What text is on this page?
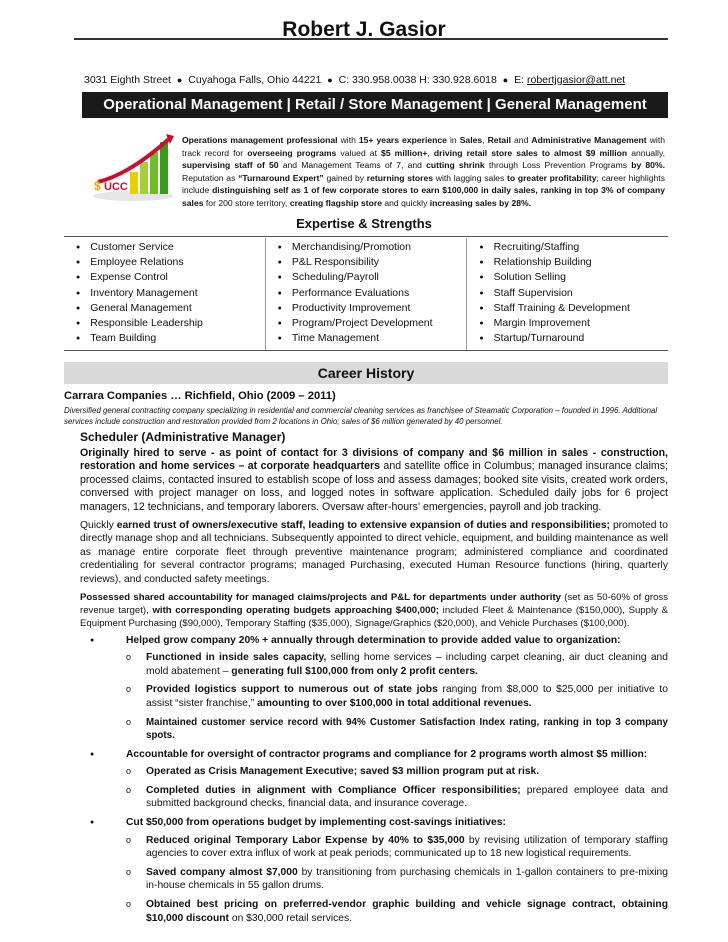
Robert J. Gasior
3031 Eighth Street ● Cuyahoga Falls, Ohio 44221 ● C: 330.958.0038 H: 330.928.6018 ● E: robertjgasior@att.net
Operational Management | Retail / Store Management | General Management
$ UCC
Operations management professional with 15+ years experience in Sales, Retail and Administrative Management with track record for overseeing programs valued at $5 million+, driving retail store sales to almost $9 million annually, supervising staff of 50 and Management Teams of 7, and cutting shrink through Loss Prevention Programs by 80%. Reputation as “Turnaround Expert” gained by returning stores with lagging sales to greater profitability; career highlights include distinguishing self as 1 of few corporate stores to earn $100,000 in daily sales, ranking in top 3% of company sales for 200 store territory, creating flagship store and quickly increasing sales by 28%.
Expertise & Strengths
● Customer Service
● Employee Relations
● Expense Control
● Inventory Management
● General Management
● Responsible Leadership
● Team Building
● Merchandising/Promotion
● P&L Responsibility
● Scheduling/Payroll
● Performance Evaluations
● Productivity Improvement
● Program/Project Development
● Time Management
● Recruiting/Staffing
● Relationship Building
● Solution Selling
● Staff Supervision
● Staff Training & Development
● Margin Improvement
● Startup/Turnaround
Career History
Carrara Companies … Richfield, Ohio (2009 – 2011)
Diversified general contracting company specializing in residential and commercial cleaning services as franchisee of Steamatic Corporation – founded in 1996. Additional services include construction and restoration provided from 2 locations in Ohio; sales of $6 million generated by 40 personnel.
Scheduler (Administrative Manager)
Originally hired to serve - as point of contact for 3 divisions of company and $6 million in sales - construction, restoration and home services – at corporate headquarters and satellite office in Columbus; managed insurance claims; processed claims, contacted insured to establish scope of loss and assess damages; booked site visits, created work orders, conversed with project manager on loss, and logged notes in software application. Scheduled daily jobs for 6 project managers, 12 technicians, and temporary laborers. Oversaw after-hours' emergencies, payroll and job tracking.
Quickly earned trust of owners/executive staff, leading to extensive expansion of duties and responsibilities; promoted to directly manage shop and all technicians. Subsequently appointed to direct vehicle, equipment, and building maintenance as well as manage entire corporate fleet through preventive maintenance program; administered compliance and coordinated credentialing for several contractor programs; managed Purchasing, executed Human Resource functions (hiring, quarterly reviews), and conducted safety meetings.
Possessed shared accountability for managed claims/projects and P&L for departments under authority (set as 50-60% of gross revenue target), with corresponding operating budgets approaching $400,000; included Fleet & Maintenance ($150,000), Supply & Equipment Purchasing ($90,000), Temporary Staffing ($35,000), Signage/Graphics ($20,000), and Vehicle Purchases ($100,000).
● Helped grow company 20% + annually through determination to provide added value to organization:
o Functioned in inside sales capacity, selling home services – including carpet cleaning, air duct cleaning and mold abatement – generating full $100,000 from only 2 profit centers.
o Provided logistics support to numerous out of state jobs ranging from $8,000 to $25,000 per initiative to assist “sister franchise,” amounting to over $100,000 in total additional revenues.
o Maintained customer service record with 94% Customer Satisfaction Index rating, ranking in top 3 company spots.
● Accountable for oversight of contractor programs and compliance for 2 programs worth almost $5 million:
o Operated as Crisis Management Executive; saved $3 million program put at risk.
o Completed duties in alignment with Compliance Officer responsibilities; prepared employee data and submitted background checks, financial data, and insurance coverage.
● Cut $50,000 from operations budget by implementing cost-savings initiatives:
o Reduced original Temporary Labor Expense by 40% to $35,000 by revising utilization of temporary staffing agencies to cover extra influx of work at peak periods; communicated up to 18 new logistical requirements.
o Saved company almost $7,000 by transitioning from purchasing chemicals in 1-gallon containers to pre-mixing in-house chemicals in 55 gallon drums.
o Obtained best pricing on preferred-vendor graphic building and vehicle signage contract, obtaining $10,000 discount on $30,000 retail services.
